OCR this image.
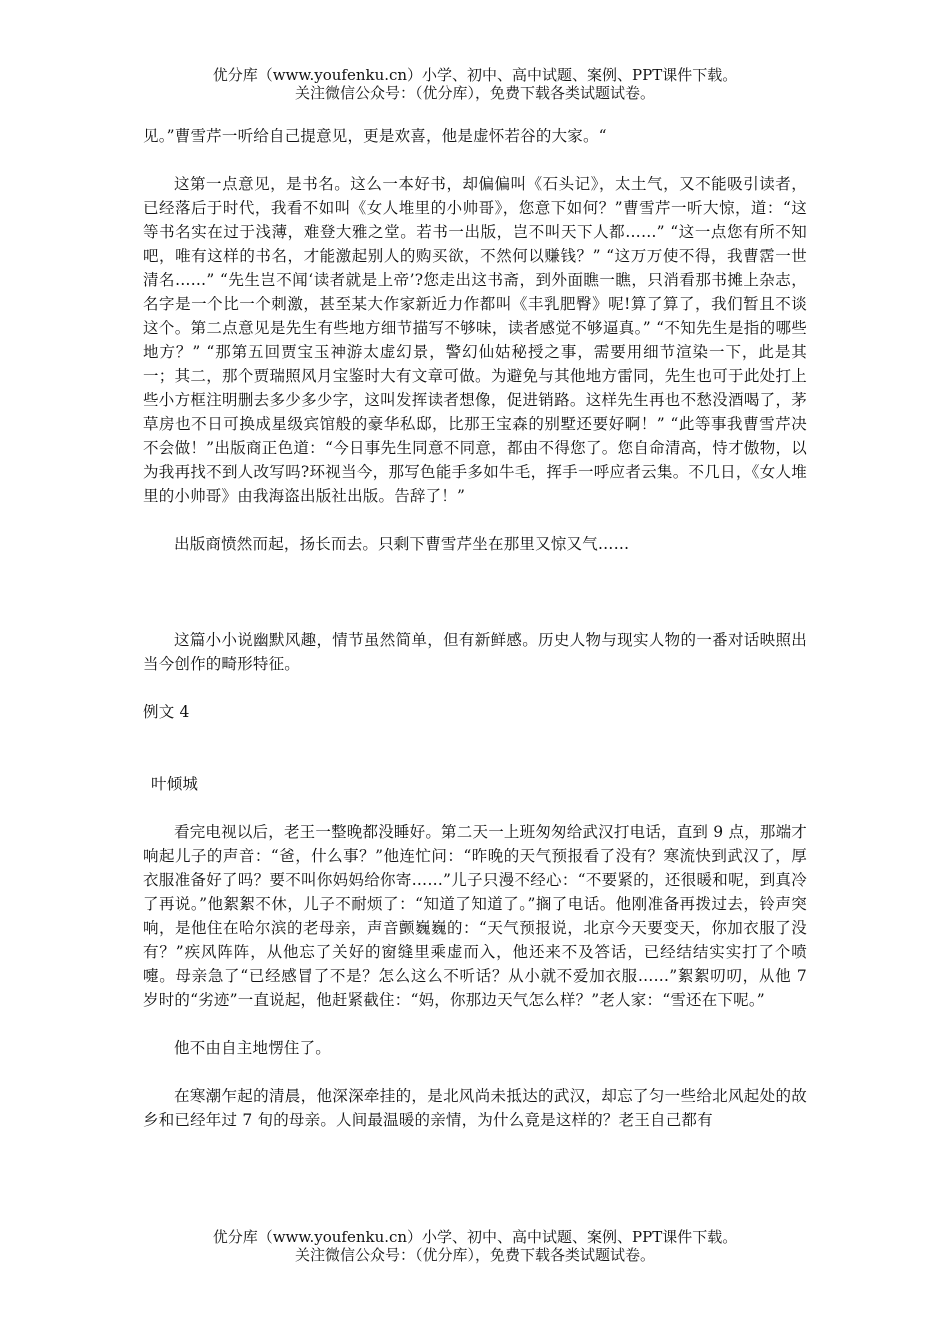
优分库（www.youfenku.cn）小学、初中、高中试题、案例、PPT课件下载。
关注微信公众号：（优分库），免费下载各类试题试卷。

见。”曹雪芹一听给自己提意见，更是欢喜，他是虚怀若谷的大家。“

这第一点意见，是书名。这么一本好书，却偏偏叫《石头记》，太土气，又不能吸引读者，已经落后于时代，我看不如叫《女人堆里的小帅哥》，您意下如何？”曹雪芹一听大惊，道：“这等书名实在过于浅薄，难登大雅之堂。若书一出版，岂不叫天下人都……” “这一点您有所不知吧，唯有这样的书名，才能激起别人的购买欲，不然何以赚钱？” “这万万使不得，我曹霑一世清名……” “先生岂不闻‘读者就是上帝’?您走出这书斋，到外面瞧一瞧，只消看那书摊上杂志，名字是一个比一个刺激，甚至某大作家新近力作都叫《丰乳肥臀》呢!算了算了，我们暂且不谈这个。第二点意见是先生有些地方细节描写不够味，读者感觉不够逼真。” “不知先生是指的哪些地方？” “那第五回贾宝玉神游太虚幻景，警幻仙姑秘授之事，需要用细节渲染一下，此是其一；其二，那个贾瑞照风月宝鉴时大有文章可做。为避免与其他地方雷同，先生也可于此处打上些小方框注明删去多少多少字，这叫发挥读者想像，促进销路。这样先生再也不愁没酒喝了，茅草房也不日可换成星级宾馆般的豪华私邸，比那王宝森的别墅还要好啊！” “此等事我曹雪芹决不会做！”出版商正色道：“今日事先生同意不同意，都由不得您了。您自命清高，恃才傲物，以为我再找不到人改写吗?环视当今，那写色能手多如牛毛，挥手一呼应者云集。不几日，《女人堆里的小帅哥》由我海盗出版社出版。告辞了！”

出版商愤然而起，扬长而去。只剩下曹雪芹坐在那里又惊又气……

这篇小小说幽默风趣，情节虽然简单，但有新鲜感。历史人物与现实人物的一番对话映照出当今创作的畸形特征。

例文 4

叶倾城

看完电视以后，老王一整晚都没睡好。第二天一上班匆匆给武汉打电话，直到 9 点，那端才响起儿子的声音：“爸，什么事？”他连忙问：“昨晚的天气预报看了没有？寒流快到武汉了，厚衣服准备好了吗？要不叫你妈妈给你寄……”儿子只漫不经心：“不要紧的，还很暖和呢，到真冷了再说。”他絮絮不休，儿子不耐烦了：“知道了知道了。”搁了电话。他刚准备再拨过去，铃声突响，是他住在哈尔滨的老母亲，声音颤巍巍的：“天气预报说，北京今天要变天，你加衣服了没有？”疾风阵阵，从他忘了关好的窗缝里乘虚而入，他还来不及答话，已经结结实实打了个喷嚏。母亲急了“已经感冒了不是？怎么这么不听话？从小就不爱加衣服……”絮絮叨叨，从他 7 岁时的“劣迹”一直说起，他赶紧截住：“妈，你那边天气怎么样？”老人家：“雪还在下呢。”

他不由自主地愣住了。

在寒潮乍起的清晨，他深深牵挂的，是北风尚未抵达的武汉，却忘了匀一些给北风起处的故乡和已经年过 7 旬的母亲。人间最温暖的亲情，为什么竟是这样的？老王自己都有

优分库（www.youfenku.cn）小学、初中、高中试题、案例、PPT课件下载。
关注微信公众号：（优分库），免费下载各类试题试卷。
